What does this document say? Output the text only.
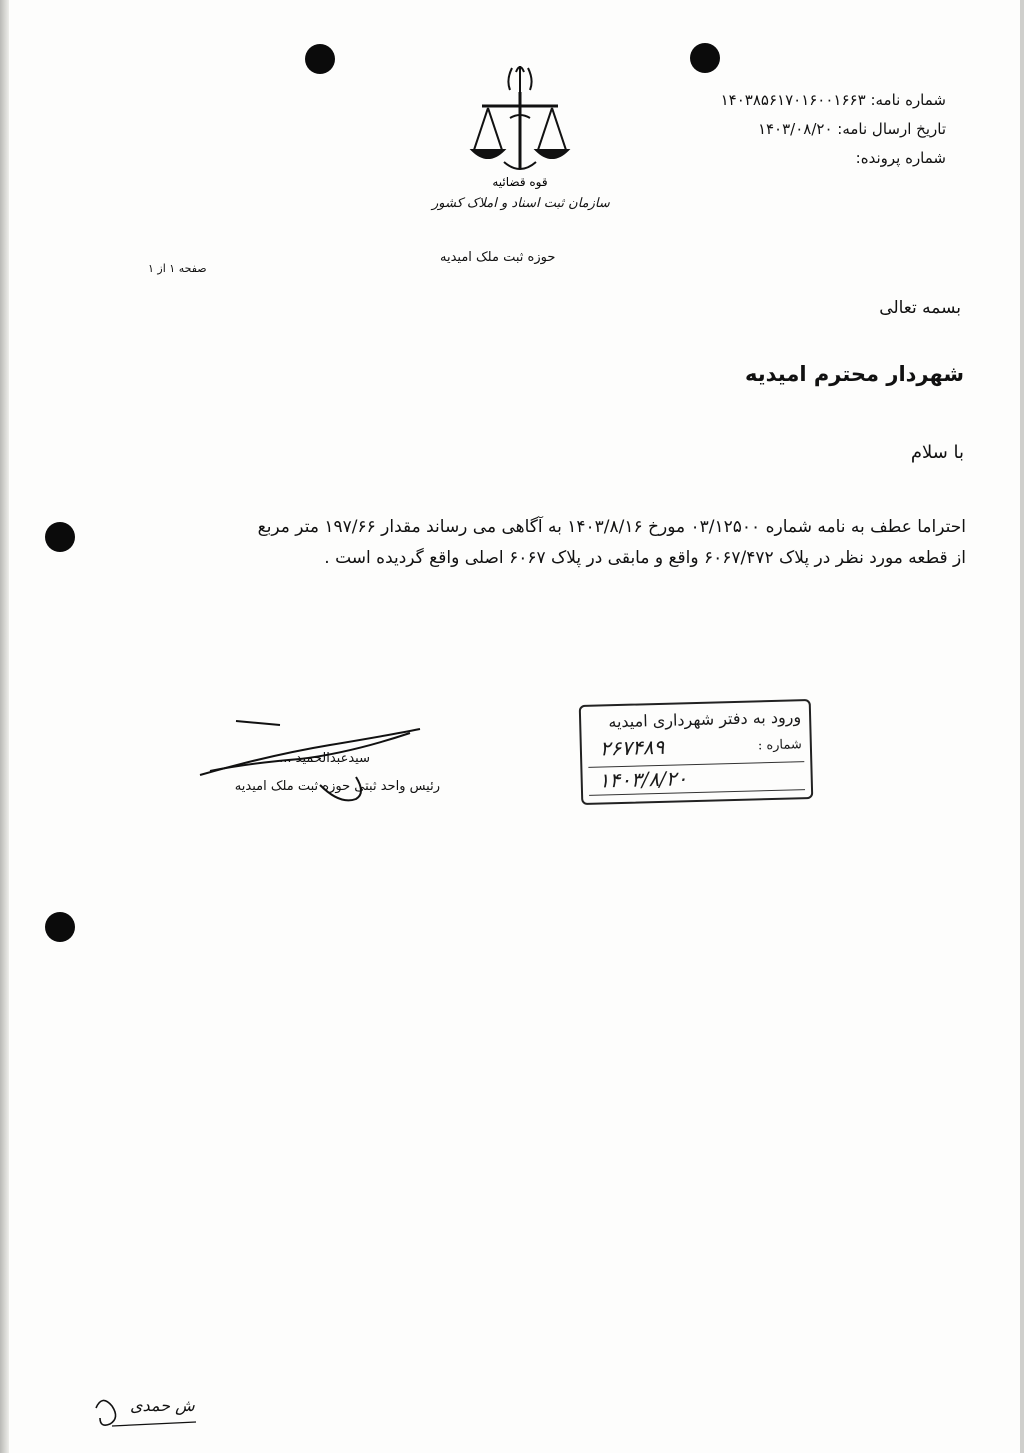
قوه قضائیه
سازمان ثبت اسناد و املاک کشور
حوزه ثبت ملک امیدیه
شماره نامه: ۱۴۰۳۸۵۶۱۷۰۱۶۰۰۱۶۶۳
تاریخ ارسال نامه: ۱۴۰۳/۰۸/۲۰
شماره پرونده:
صفحه ۱ از ۱
بسمه تعالی
شهردار محترم امیدیه
با سلام
احتراما عطف به نامه شماره ۰۳/۱۲۵۰۰ مورخ ۱۴۰۳/۸/۱۶ به آگاهی می رساند مقدار ۱۹۷/۶۶ متر مربع از قطعه مورد نظر در پلاک ۶۰۶۷/۴۷۲ واقع و مابقی در پلاک ۶۰۶۷ اصلی واقع گردیده است .
سیدعبدالحمید ...
رئیس واحد ثبتی حوزه ثبت ملک امیدیه
ورود به دفتر شهرداری امیدیه
شماره :
۲۶۷۴۸۹
۱۴۰۳/۸/۲۰
ش حمدی
